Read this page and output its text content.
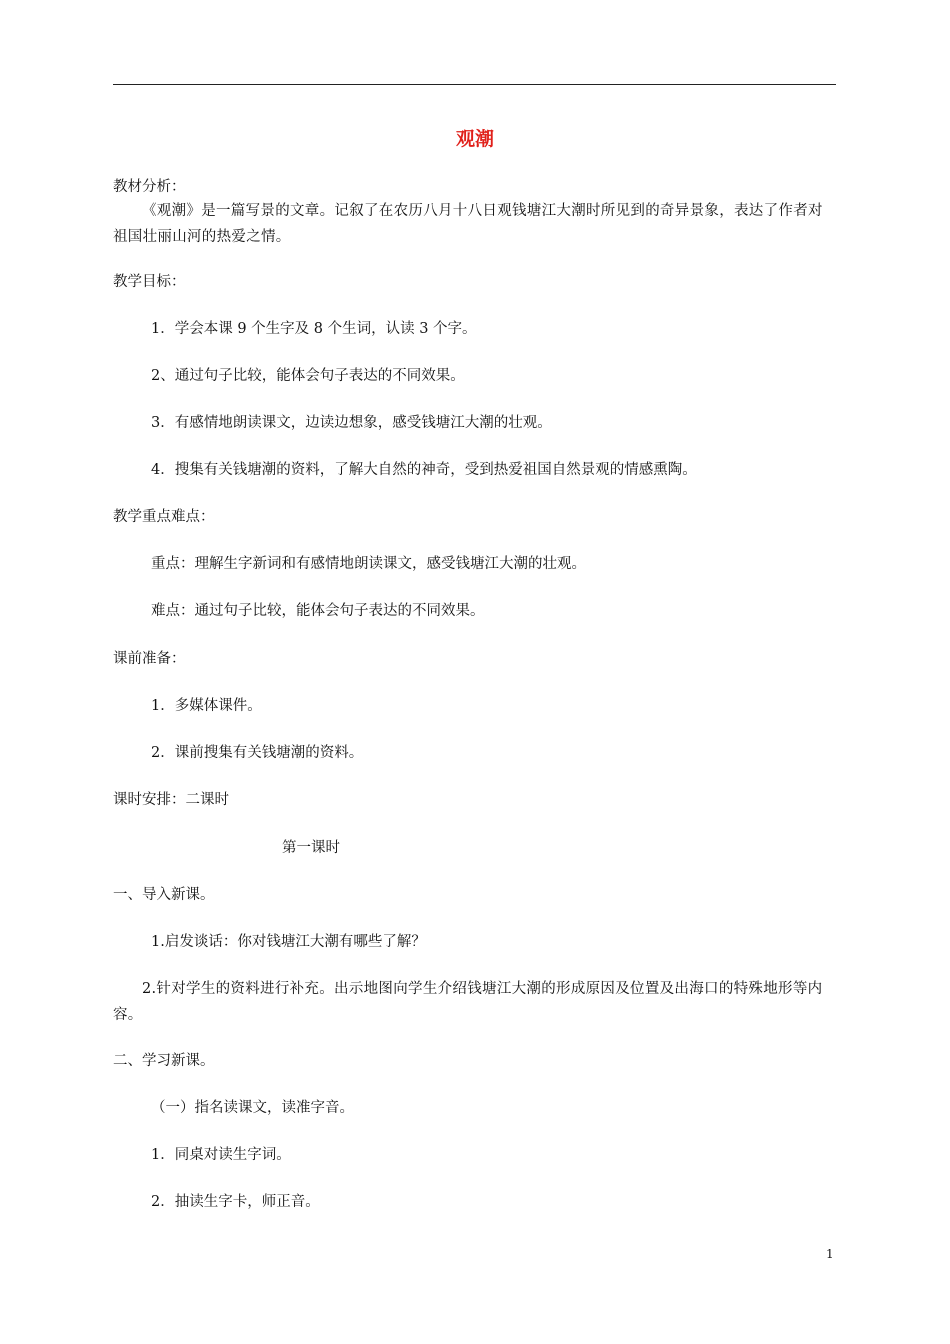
观潮
教材分析：
《观潮》是一篇写景的文章。记叙了在农历八月十八日观钱塘江大潮时所见到的奇异景象，表达了作者对祖国壮丽山河的热爱之情。
教学目标：
1．学会本课 9 个生字及 8 个生词，认读 3 个字。
2、通过句子比较，能体会句子表达的不同效果。
3．有感情地朗读课文，边读边想象，感受钱塘江大潮的壮观。
4．搜集有关钱塘潮的资料，了解大自然的神奇，受到热爱祖国自然景观的情感熏陶。
教学重点难点：
重点：理解生字新词和有感情地朗读课文，感受钱塘江大潮的壮观。
难点：通过句子比较，能体会句子表达的不同效果。
课前准备：
1．多媒体课件。
2．课前搜集有关钱塘潮的资料。
课时安排：二课时
第一课时
一、导入新课。
1.启发谈话：你对钱塘江大潮有哪些了解？
2.针对学生的资料进行补充。出示地图向学生介绍钱塘江大潮的形成原因及位置及出海口的特殊地形等内容。
二、学习新课。
（一）指名读课文，读准字音。
1．同桌对读生字词。
2．抽读生字卡，师正音。
1
